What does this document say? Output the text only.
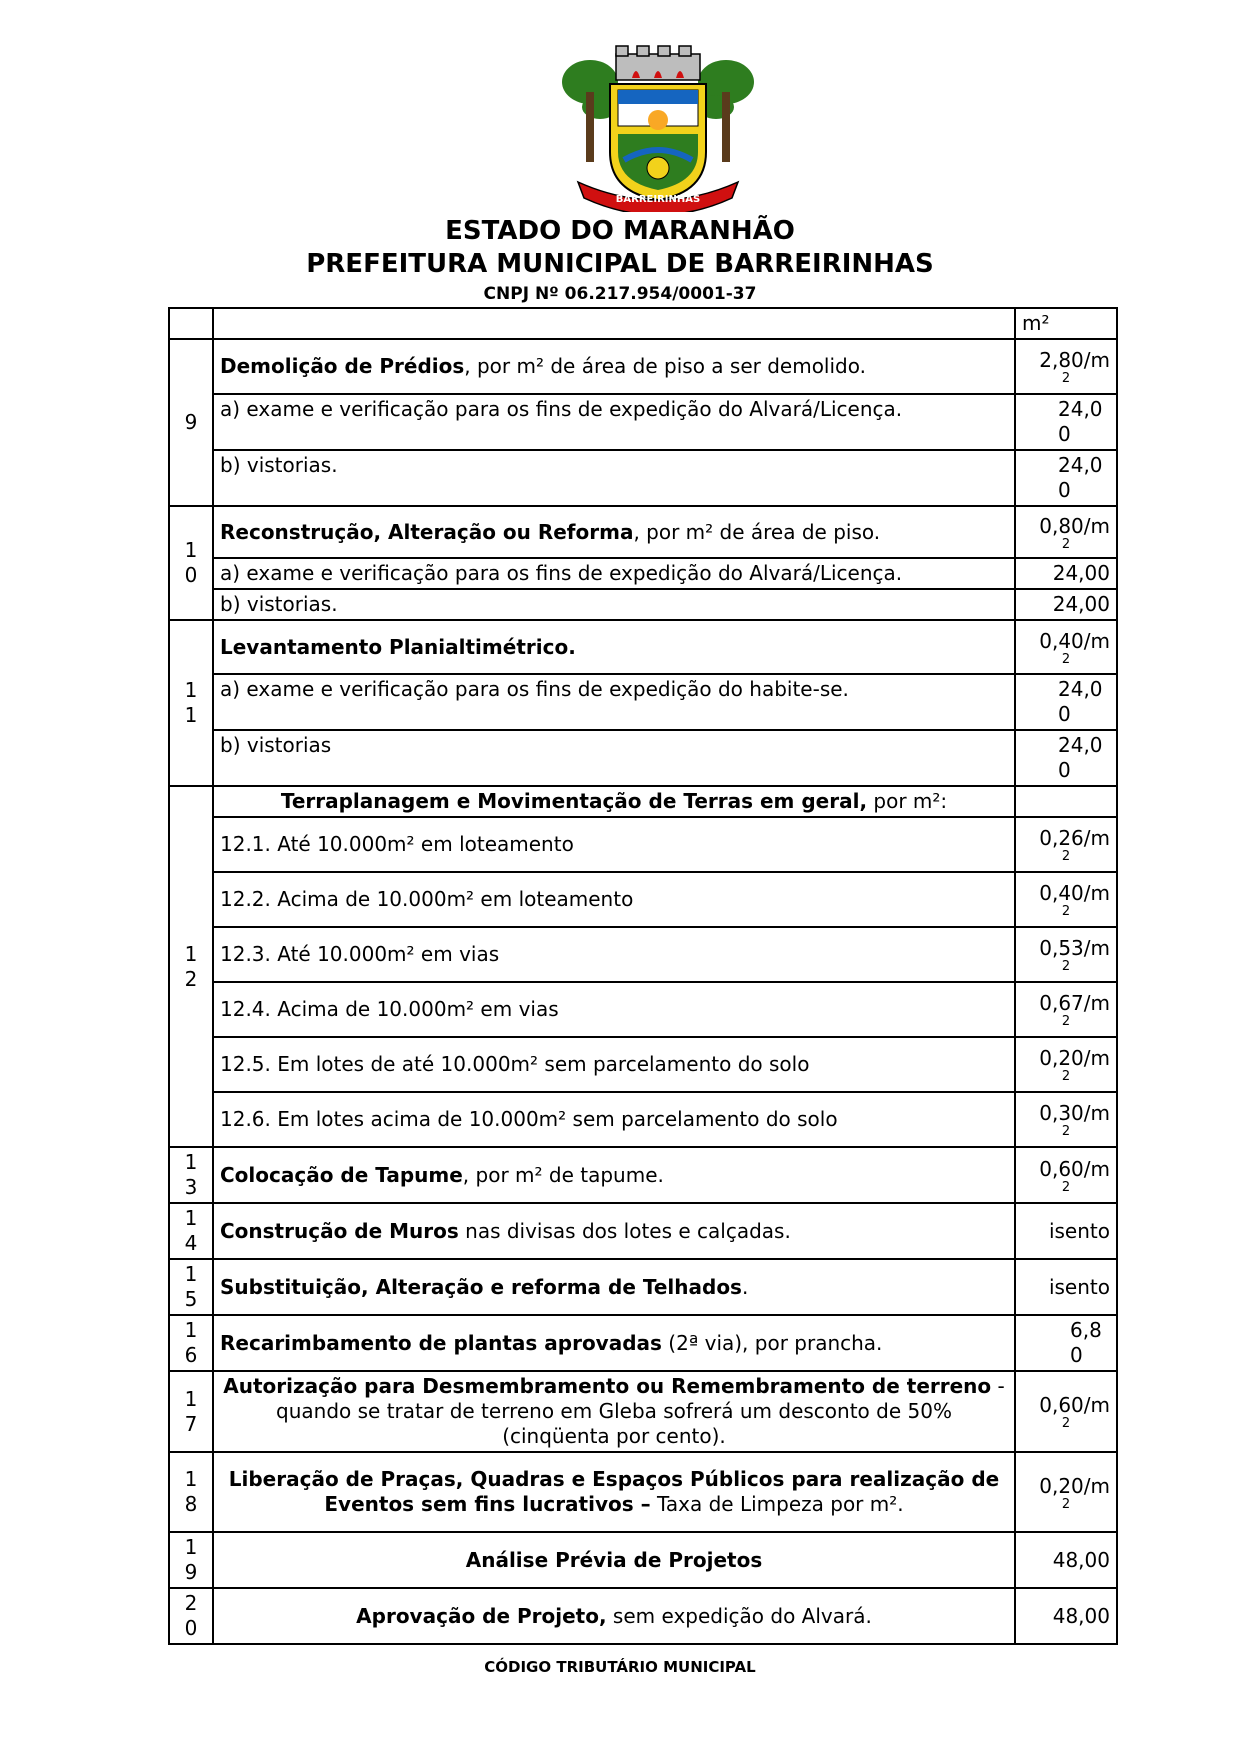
BARREIRINHAS
ESTADO DO MARANHÃO
PREFEITURA MUNICIPAL DE BARREIRINHAS
CNPJ Nº 06.217.954/0001-37
		m²

9	Demolição de Prédios, por m² de área de piso a ser demolido.	2,80/m
2

	a) exame e verificação para os fins de expedição do Alvará/Licença.	24,00
	b) vistorias.	24,00

10	Reconstrução, Alteração ou Reforma, por m² de área de piso.	0,80/m
2

	a) exame e verificação para os fins de expedição do Alvará/Licença.	24,00
	b) vistorias.	24,00

11	Levantamento Planialtimétrico.	0,40/m
2

	a) exame e verificação para os fins de expedição do habite-se.	24,00
	b) vistorias	24,00

12	Terraplanagem e Movimentação de Terras em geral, por m²:	
	12.1. Até 10.000m² em loteamento	0,26/m
2

	12.2. Acima de 10.000m² em loteamento	0,40/m
2

	12.3. Até 10.000m² em vias	0,53/m
2

	12.4. Acima de 10.000m² em vias	0,67/m
2

	12.5. Em lotes de até 10.000m² sem parcelamento do solo	0,20/m
2

	12.6. Em lotes acima de 10.000m² sem parcelamento do solo	0,30/m
2

13	Colocação de Tapume, por m² de tapume.	0,60/m
2

14	Construção de Muros nas divisas dos lotes e calçadas.	isento

15	Substituição, Alteração e reforma de Telhados.	isento

16	Recarimbamento de plantas aprovadas (2ª via), por prancha.	6,80

17	Autorização para Desmembramento ou Remembramento de terreno - quando se tratar de terreno em Gleba sofrerá um desconto de 50% (cinqüenta por cento).	0,60/m
2

18	Liberação de Praças, Quadras e Espaços Públicos para realização de Eventos sem fins lucrativos – Taxa de Limpeza por m².	0,20/m
2

19	Análise Prévia de Projetos	48,00

20	Aprovação de Projeto, sem expedição do Alvará.	48,00
CÓDIGO TRIBUTÁRIO MUNICIPAL
